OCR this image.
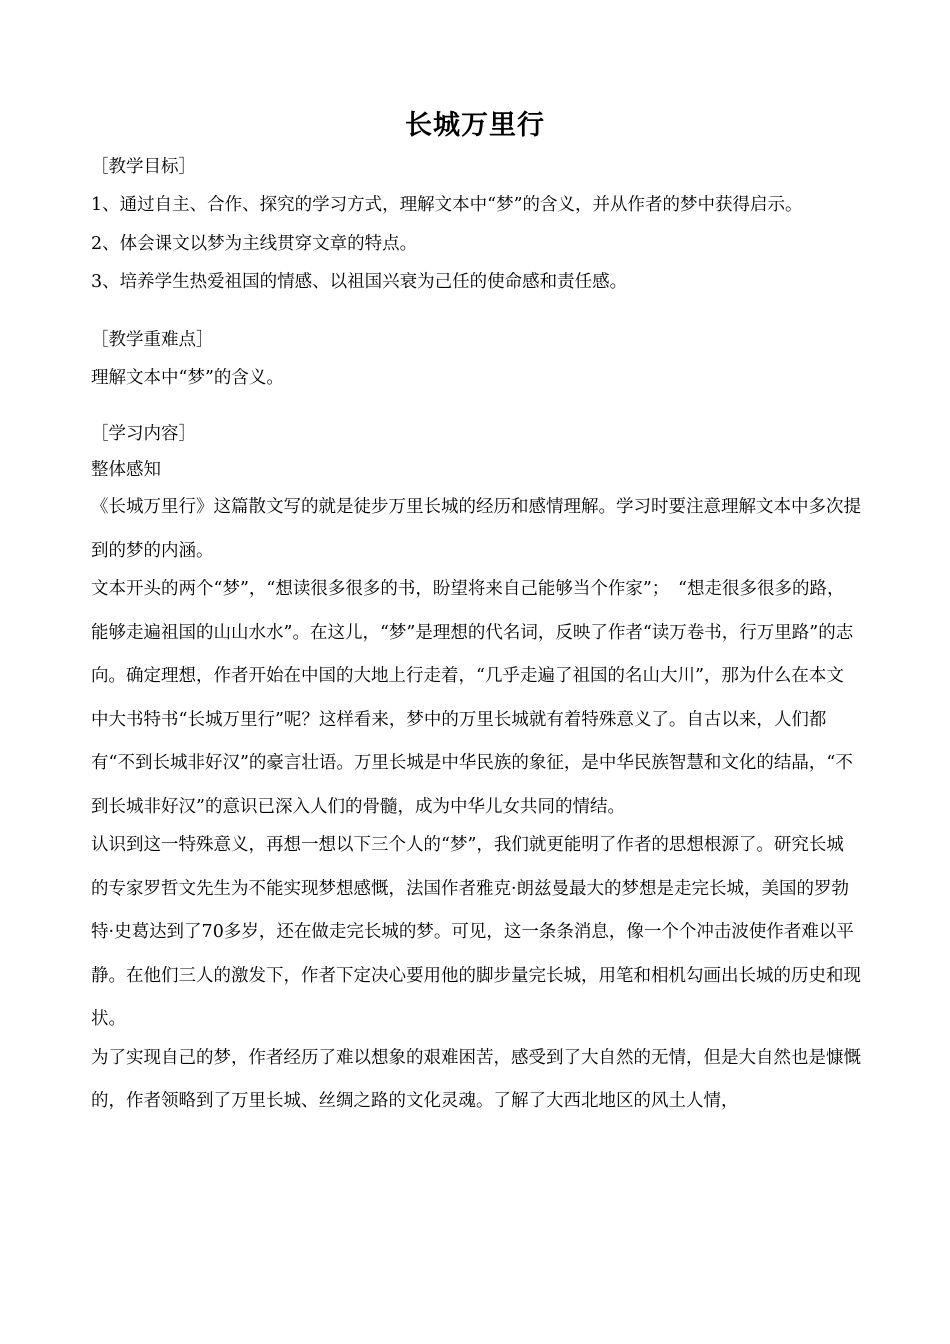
长城万里行

［教学目标］

1、通过自主、合作、探究的学习方式，理解文本中“梦”的含义，并从作者的梦中获得启示。

2、体会课文以梦为主线贯穿文章的特点。

3、培养学生热爱祖国的情感、以祖国兴衰为己任的使命感和责任感。

［教学重难点］

理解文本中“梦”的含义。

［学习内容］

整体感知

《长城万里行》这篇散文写的就是徒步万里长城的经历和感情理解。学习时要注意理解文本中多次提到的梦的内涵。

文本开头的两个“梦”，“想读很多很多的书，盼望将来自己能够当个作家”；　“想走很多很多的路，能够走遍祖国的山山水水”。在这儿，“梦”是理想的代名词，反映了作者“读万卷书，行万里路”的志向。确定理想，作者开始在中国的大地上行走着，“几乎走遍了祖国的名山大川”，那为什么在本文中大书特书“长城万里行”呢？这样看来，梦中的万里长城就有着特殊意义了。自古以来，人们都有“不到长城非好汉”的豪言壮语。万里长城是中华民族的象征，是中华民族智慧和文化的结晶，“不到长城非好汉”的意识已深入人们的骨髓，成为中华儿女共同的情结。

认识到这一特殊意义，再想一想以下三个人的“梦”，我们就更能明了作者的思想根源了。研究长城的专家罗哲文先生为不能实现梦想感慨，法国作者雅克·朗兹曼最大的梦想是走完长城，美国的罗勃特·史葛达到了70多岁，还在做走完长城的梦。可见，这一条条消息，像一个个冲击波使作者难以平静。在他们三人的激发下，作者下定决心要用他的脚步量完长城，用笔和相机勾画出长城的历史和现状。

为了实现自己的梦，作者经历了难以想象的艰难困苦，感受到了大自然的无情，但是大自然也是慷慨的，作者领略到了万里长城、丝绸之路的文化灵魂。了解了大西北地区的风土人情，
